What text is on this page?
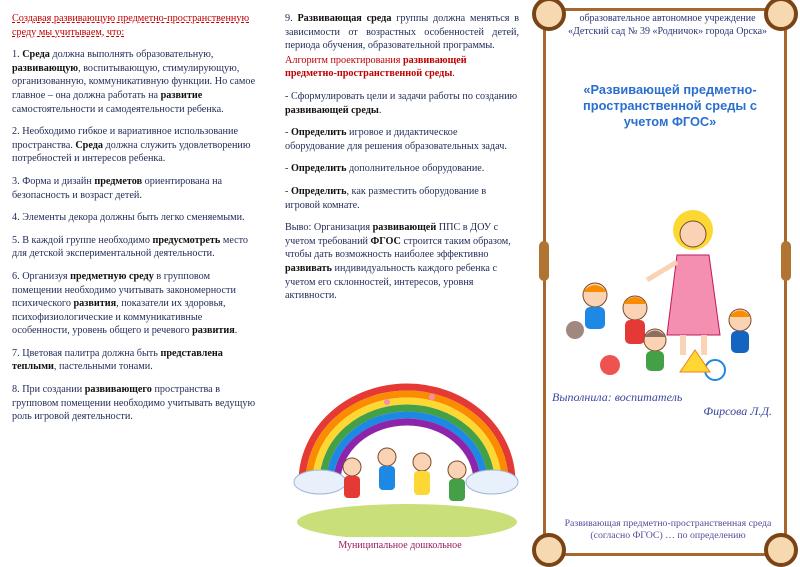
Создавая развивающую предметно-пространственную среду мы учитываем, что:

1. Среда должна выполнять образовательную, развивающую, воспитывающую, стимулирующую, организованную, коммуникативную функции. Но самое главное – она должна работать на развитие самостоятельности и самодеятельности ребенка.

2. Необходимо гибкое и вариативное использование пространства. Среда должна служить удовлетворению потребностей и интересов ребенка.

3. Форма и дизайн предметов ориентирована на безопасность и возраст детей.

4. Элементы декора должны быть легко сменяемыми.

5. В каждой группе необходимо предусмотреть место для детской экспериментальной деятельности.

6. Организуя предметную среду в групповом помещении необходимо учитывать закономерности психического развития, показатели их здоровья, психофизиологические и коммуникативные особенности, уровень общего и речевого развития.

7. Цветовая палитра должна быть представлена теплыми, пастельными тонами.

8. При создании развивающего пространства в групповом помещении необходимо учитывать ведущую роль игровой деятельности.

9. Развивающая среда группы должна меняться в зависимости от возрастных особенностей детей, периода обучения, образовательной программы.

Алгоритм проектирования развивающей предметно-пространственной среды.

- Сформулировать цели и задачи работы по созданию развивающей среды.

- Определить игровое и дидактическое оборудование для решения образовательных задач.

- Определить дополнительное оборудование.

- Определить, как разместить оборудование в игровой комнате.

Выво: Организация развивающей ППС в ДОУ с учетом требований ФГОС строится таким образом, чтобы дать возможность наиболее эффективно развивать индивидуальность каждого ребенка с учетом его склонностей, интересов, уровня активности.

Муниципальное дошкольное
образовательное автономное учреждение «Детский сад № 39 «Родничок» города Орска»
«Развивающей предметно-пространственной среды с учетом ФГОС»
Выполнила: воспитатель
Фирсова Л.Д.
Развивающая предметно-пространственная среда (согласно ФГОС) … по определению
